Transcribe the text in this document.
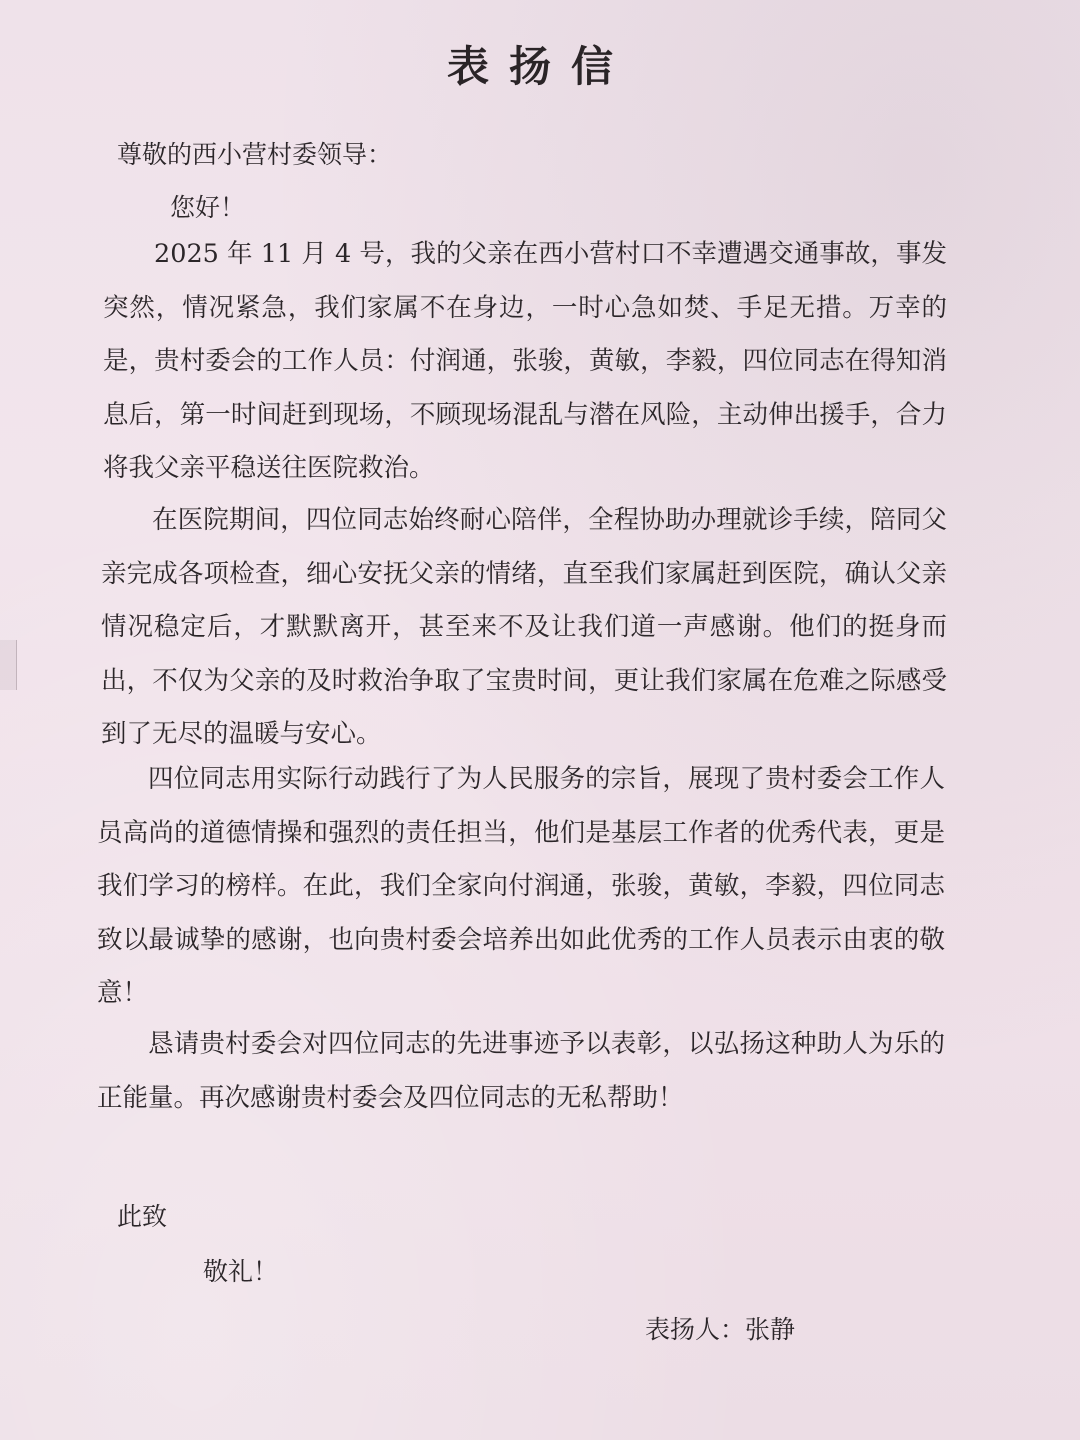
表扬信
尊敬的西小营村委领导：
您好！

2025 年 11 月 4 号，我的父亲在西小营村口不幸遭遇交通事故，事发突然，情况紧急，我们家属不在身边，一时心急如焚、手足无措。万幸的是，贵村委会的工作人员：付润通，张骏，黄敏，李毅，四位同志在得知消息后，第一时间赶到现场，不顾现场混乱与潜在风险，主动伸出援手，合力将我父亲平稳送往医院救治。

在医院期间，四位同志始终耐心陪伴，全程协助办理就诊手续，陪同父亲完成各项检查，细心安抚父亲的情绪，直至我们家属赶到医院，确认父亲情况稳定后，才默默离开，甚至来不及让我们道一声感谢。他们的挺身而出，不仅为父亲的及时救治争取了宝贵时间，更让我们家属在危难之际感受到了无尽的温暖与安心。

四位同志用实际行动践行了为人民服务的宗旨，展现了贵村委会工作人员高尚的道德情操和强烈的责任担当，他们是基层工作者的优秀代表，更是我们学习的榜样。在此，我们全家向付润通，张骏，黄敏，李毅，四位同志致以最诚挚的感谢，也向贵村委会培养出如此优秀的工作人员表示由衷的敬意！

恳请贵村委会对四位同志的先进事迹予以表彰，以弘扬这种助人为乐的正能量。再次感谢贵村委会及四位同志的无私帮助！

此致
敬礼！
表扬人：张静
